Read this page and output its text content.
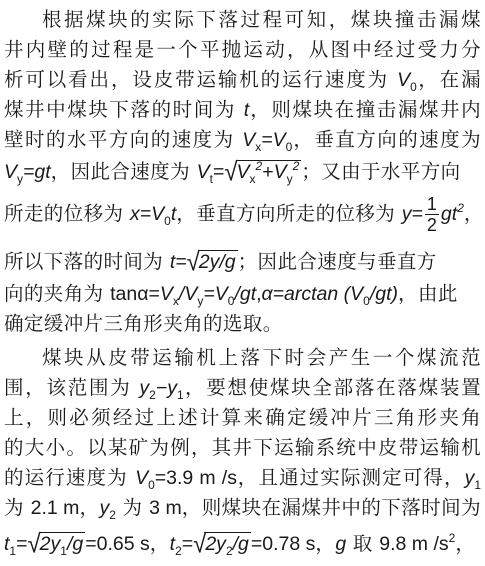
根据煤块的实际下落过程可知，煤块撞击漏煤
井内壁的过程是一个平抛运动，从图中经过受力分
析可以看出，设皮带运输机的运行速度为 $V_0$，在漏
煤井中煤块下落的时间为 t，则煤块在撞击漏煤井内
壁时的水平方向的速度为 $V_x=V_0$，垂直方向的速度为
$V_y=gt$，因此合速度为 $V_t=√V_x^2+V_y^2$ ；又由于水平方向
所走的位移为 $x=V_0t$，垂直方向所走的位移为 $y= \frac{1}{2} gt^2$，
所以下落的时间为 t=√2y/g ；因此合速度与垂直方
向的夹角为 $\tan\alpha=V_x/V_y=V_0/gt,\alpha=\arctan$ $(V_0/gt)$，由此
确定缓冲片三角形夹角的选取。
煤块从皮带运输机上落下时会产生一个煤流范
围，该范围为 $y_2-y_1$，要想使煤块全部落在落煤装置
上，则必须经过上述计算来确定缓冲片三角形夹角
的大小。以某矿为例，其井下运输系统中皮带运输机
的运行速度为 $V_0=3.9$ m /s，且通过实际测定可得，$y_1$
为 2.1 m，$y_2$ 为 3 m，则煤块在漏煤井中的下落时间为
$t_1=√2y_1/g =0.65$ s，$t_2=√2y_2/g =0.78$ s，g 取 9.8 m $/s^2$，
